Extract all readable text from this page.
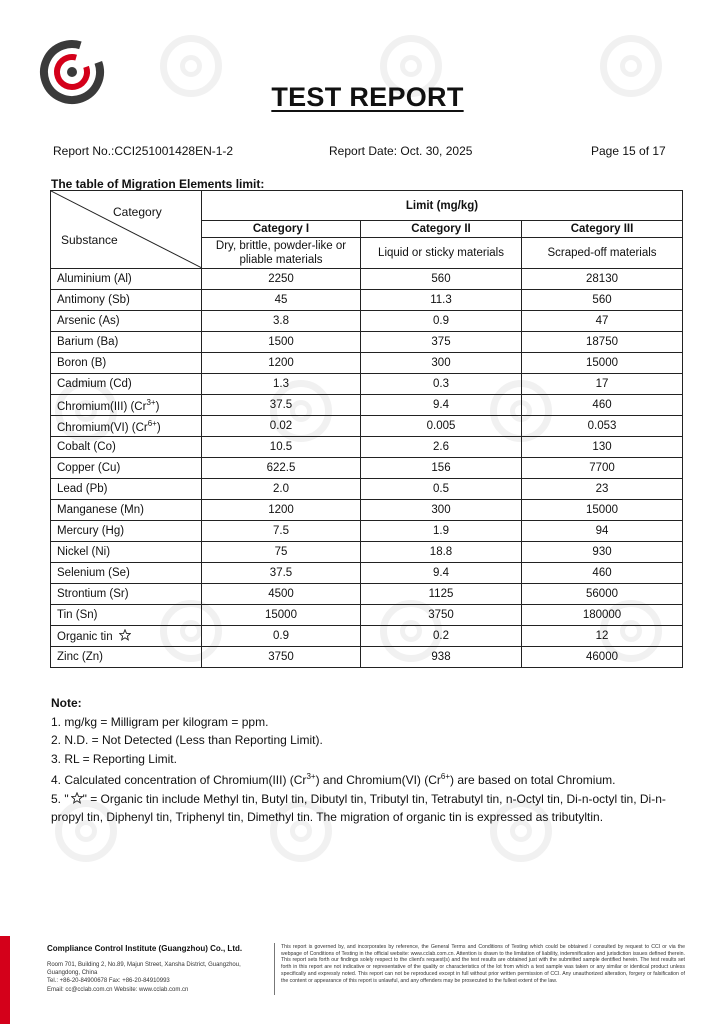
TEST REPORT
Report No.:CCI251001428EN-1-2	Report Date: Oct. 30, 2025	Page 15 of 17
The table of Migration Elements limit:
Category
Substance	Limit (mg/kg)		
	Category I	Category II	Category III
	Dry, brittle, powder-like or pliable materials	Liquid or sticky materials	Scraped-off materials
Aluminium (Al)	2250	560	28130
Antimony (Sb)	45	11.3	560
Arsenic (As)	3.8	0.9	47
Barium (Ba)	1500	375	18750
Boron (B)	1200	300	15000
Cadmium (Cd)	1.3	0.3	17
Chromium(III) $(Cr^{3+})$	37.5	9.4	460
Chromium(VI) $(Cr^{6+})$	0.02	0.005	0.053
Cobalt (Co)	10.5	2.6	130
Copper (Cu)	622.5	156	7700
Lead (Pb)	2.0	0.5	23
Manganese (Mn)	1200	300	15000
Mercury (Hg)	7.5	1.9	94
Nickel (Ni)	75	18.8	930
Selenium (Se)	37.5	9.4	460
Strontium (Sr)	4500	1125	56000
Tin (Sn)	15000	3750	180000
Organic tin	0.9	0.2	12
Zinc (Zn)	3750	938	46000
Note:
1. mg/kg = Milligram per kilogram = ppm.
2. N.D. = Not Detected (Less than Reporting Limit).
3. RL = Reporting Limit.
4. Calculated concentration of Chromium(III) $(Cr^{3+})$ and Chromium(VI) $(Cr^{6+})$ are based on total Chromium.
5. " " = Organic tin include Methyl tin, Butyl tin, Dibutyl tin, Tributyl tin, Tetrabutyl tin, n-Octyl tin, Di-n-octyl tin, Di-n-propyl tin, Diphenyl tin, Triphenyl tin, Dimethyl tin. The migration of organic tin is expressed as tributyltin.
Compliance Control Institute (Guangzhou) Co., Ltd.
Room 701, Building 2, No.89, Majun Street, Xansha District, Guangzhou,
Guangdong, China
Tel.: +86-20-84900678 Fax: +86-20-84910993
Email: cc@cclab.com.cn Website: www.cclab.com.cn
This report is governed by, and incorporates by reference, the General Terms and Conditions of Testing which could be obtained / consulted by request to CCI or via the webpage of Conditions of Testing in the official website: www.cclab.com.cn. Attention is drawn to the limitation of liability, indemnification and jurisdiction issues defined therein. This report sets forth our findings solely respect to the client's request(s) and the test results are obtained just with the submitted sample dentified herein. The test results set forth in this report are not indicative or representative of the quality or characteristics of the lot from which a test sample was taken or any similar or identical product unless specifically and expressly noted. This report can not be reproduced except in full without prior written permission of CCI. Any unauthorized alteration, forgery or falsification of the content or appearance of this report is unlawful, and any offenders may be prosecuted to the fullest extent of the law.
